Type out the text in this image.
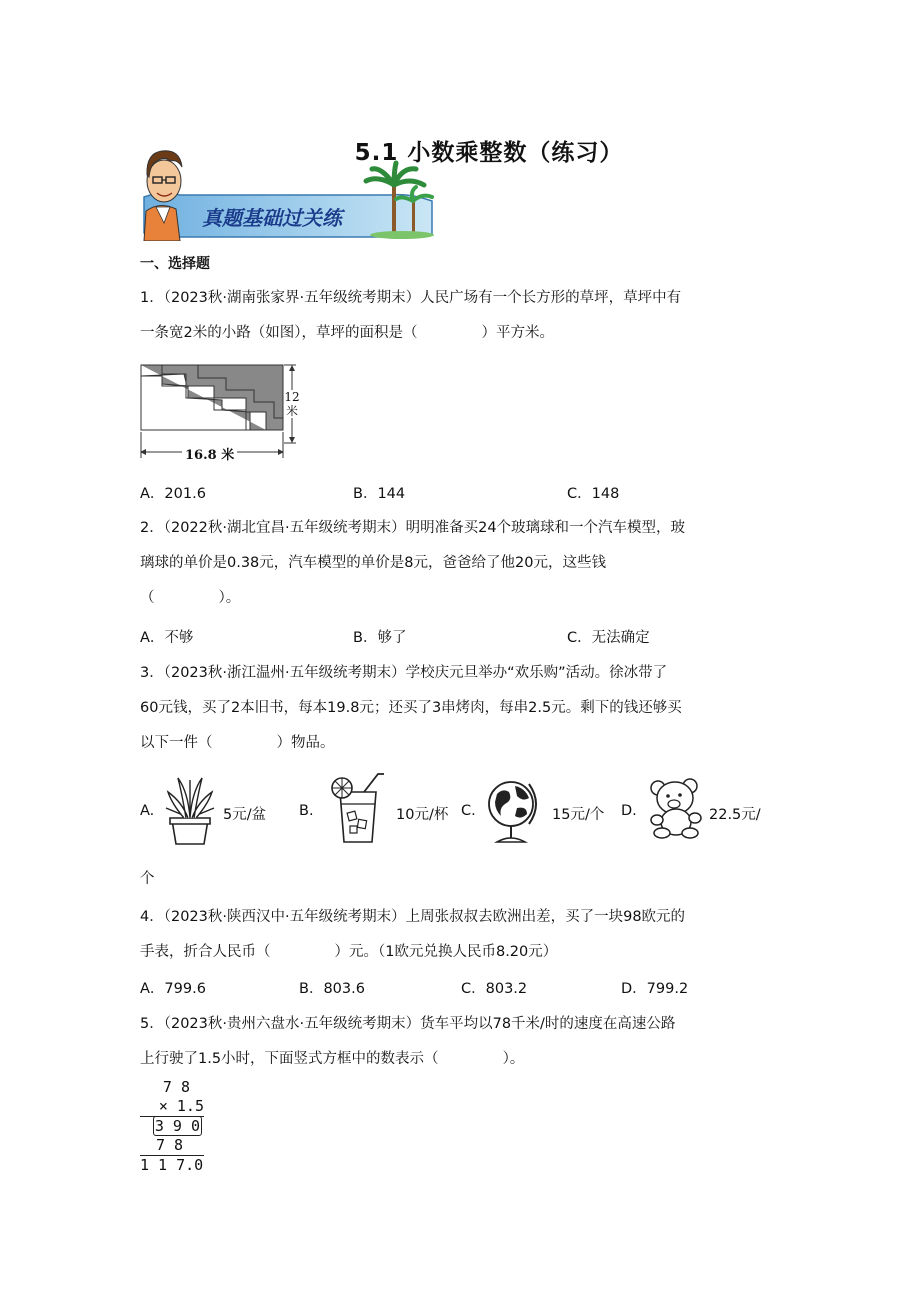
5.1 小数乘整数（练习）
真题基础过关练
一、选择题
1．（2023秋·湖南张家界·五年级统考期末）人民广场有一个长方形的草坪，草坪中有
一条宽2米的小路（如图），草坪的面积是（	）平方米。
16.8 米
12
米
A．201.6	B．144	C．148
2．（2022秋·湖北宜昌·五年级统考期末）明明准备买24个玻璃球和一个汽车模型，玻
璃球的单价是0.38元，汽车模型的单价是8元，爸爸给了他20元，这些钱
（	）。
A．不够	B．够了	C．无法确定
3．（2023秋·浙江温州·五年级统考期末）学校庆元旦举办“欢乐购”活动。徐冰带了
60元钱，买了2本旧书，每本19.8元；还买了3串烤肉，每串2.5元。剩下的钱还够买
以下一件（	）物品。
A.	5元/盆 B.	10元/杯 C.	15元/个 D.	22.5元/
个
4．（2023秋·陕西汉中·五年级统考期末）上周张叔叔去欧洲出差，买了一块98欧元的
手表，折合人民币（	）元。（1欧元兑换人民币8.20元）
A．799.6	B．803.6	C．803.2	D．799.2
5．（2023秋·贵州六盘水·五年级统考期末）货车平均以78千米/时的速度在高速公路
上行驶了1.5小时，下面竖式方框中的数表示（	）。
7 8
× 1.5
3 9 0
7 8
1 1 7.0
